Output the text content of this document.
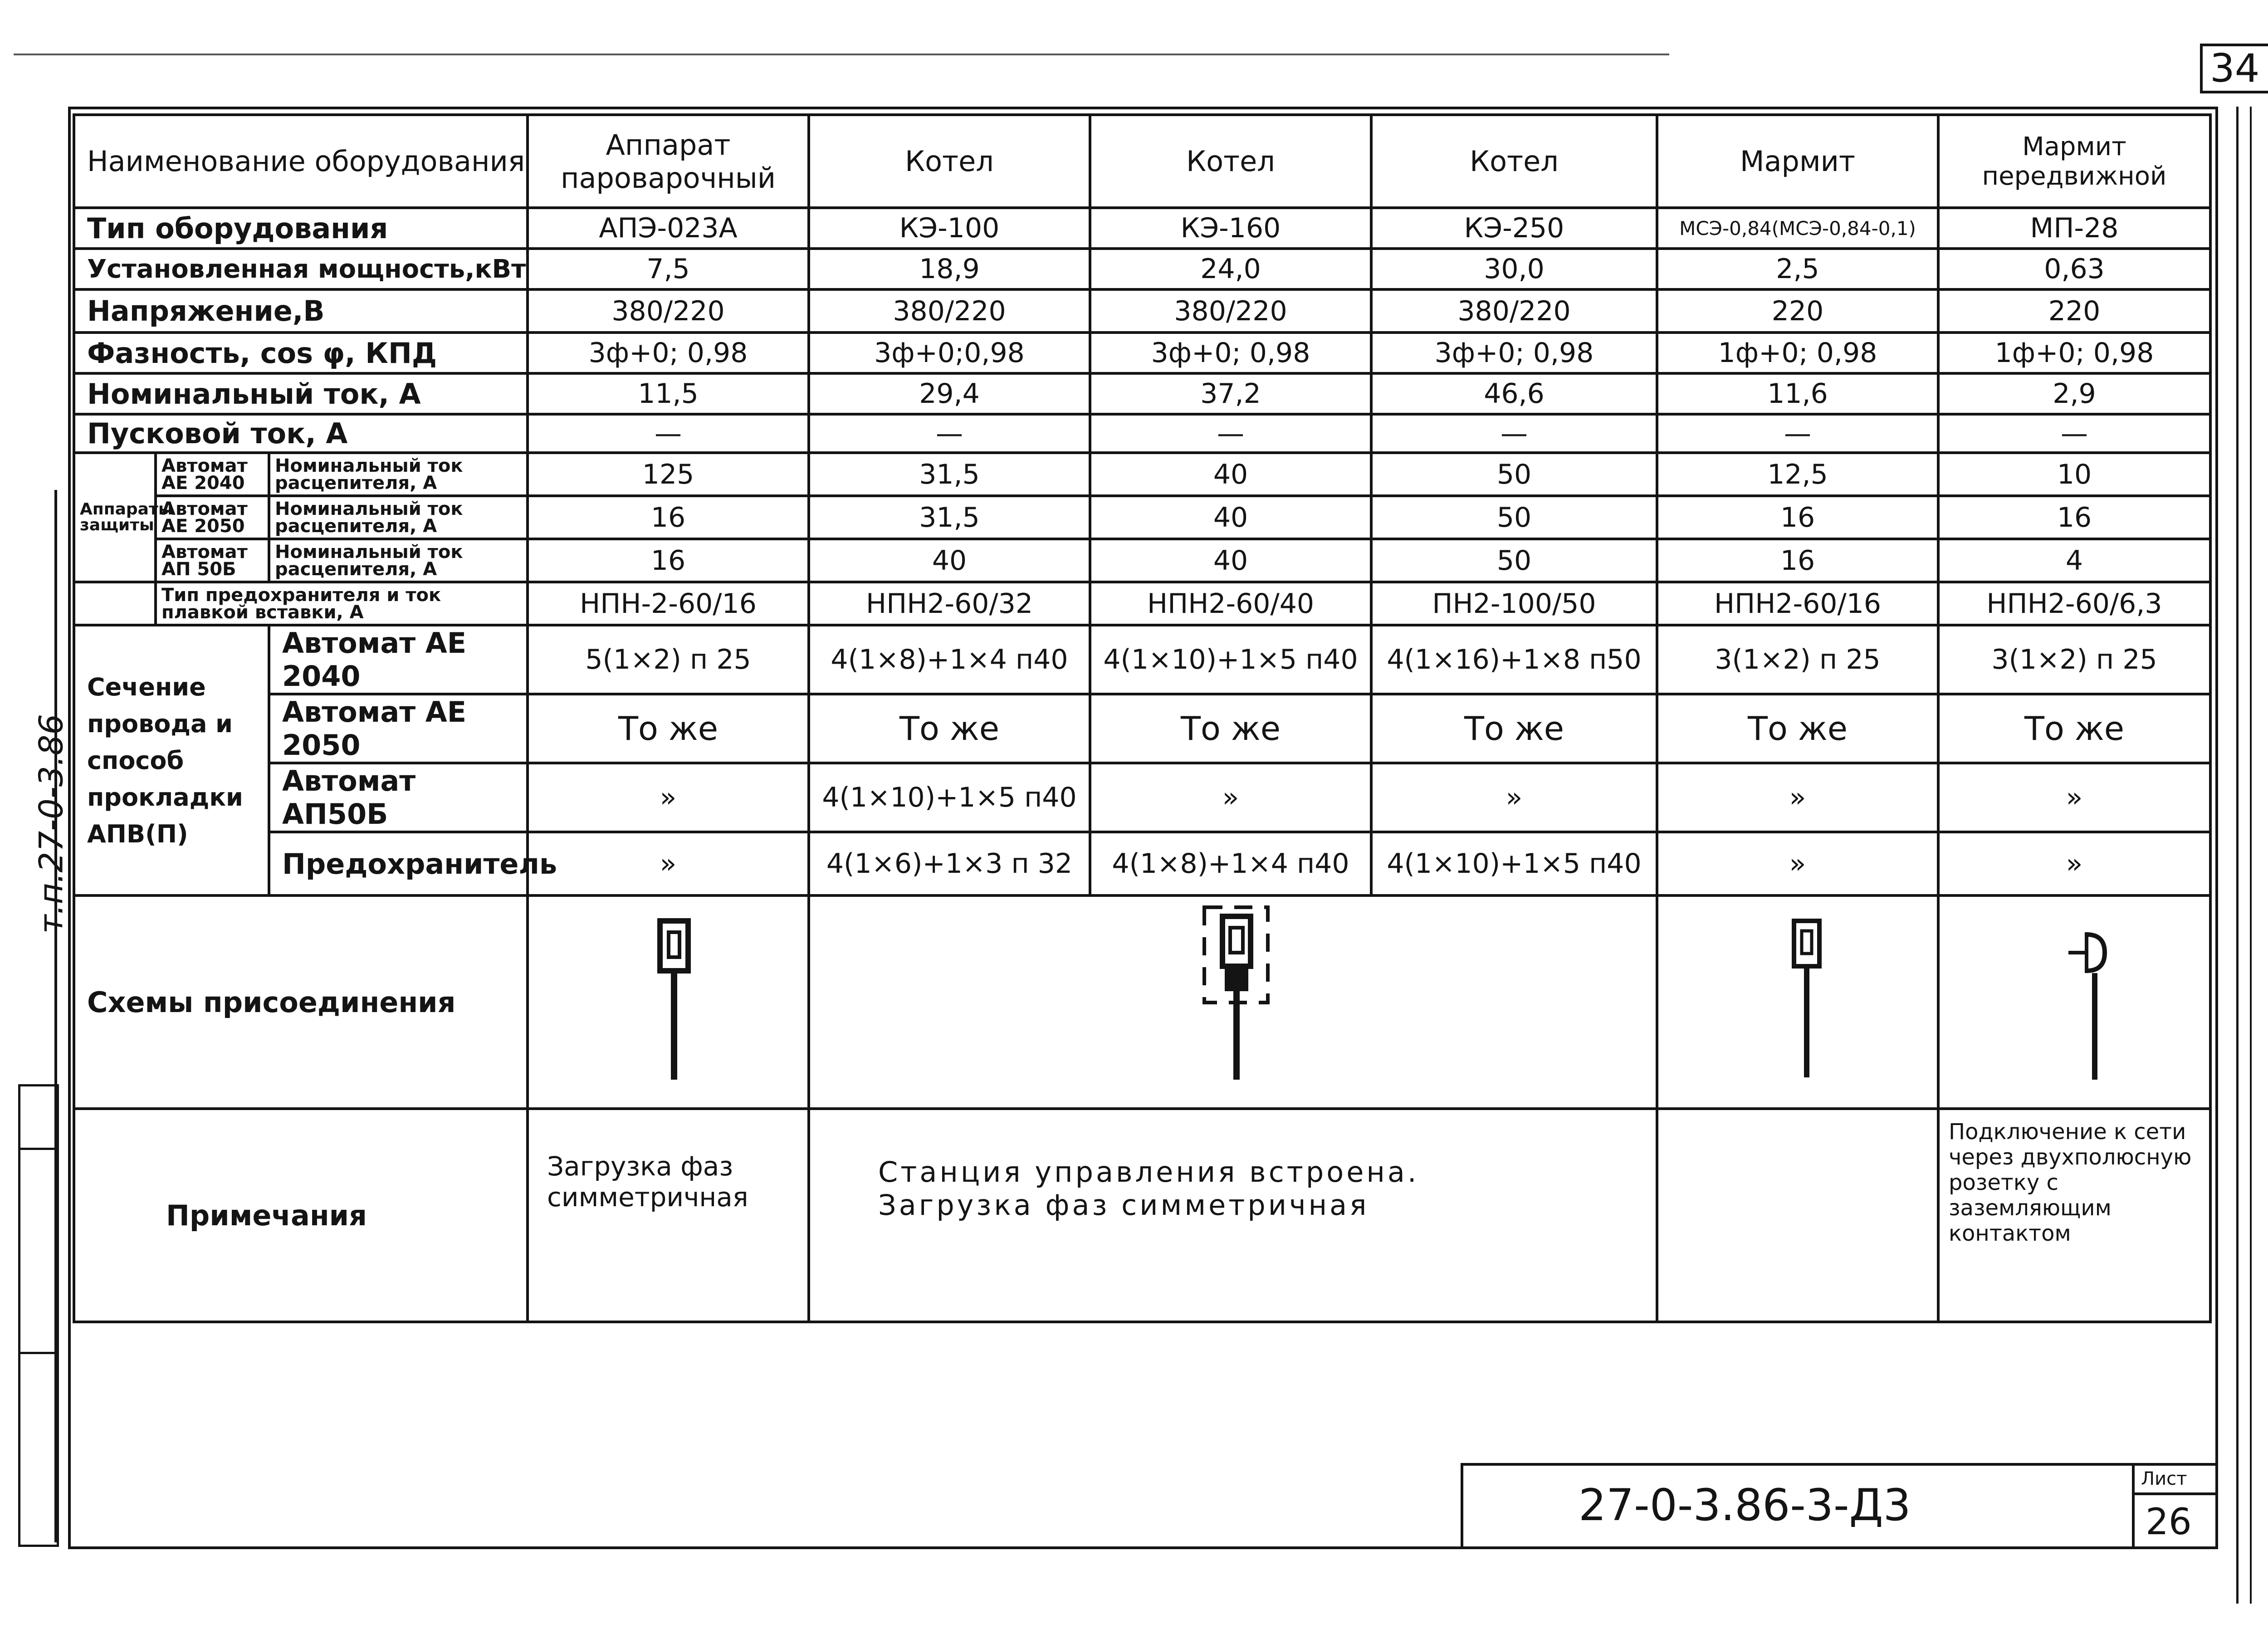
34
т.п.27-0-3.86
Наименование оборудования			Аппарат пароварочный	Котел	Котел	Котел	Мармит	Мармит передвижной
Тип оборудования			АПЭ-023А	КЭ-100	КЭ-160	КЭ-250	МСЭ-0,84(МСЭ-0,84-0,1)	МП-28
Установленная мощность,кВт			7,5	18,9	24,0	30,0	2,5	0,63
Напряжение,В			380/220	380/220	380/220	380/220	220	220
Фазность, cos φ, КПД			3ф+0; 0,98	3ф+0;0,98	3ф+0; 0,98	3ф+0; 0,98	1ф+0; 0,98	1ф+0; 0,98
Номинальный ток, А			11,5	29,4	37,2	46,6	11,6	2,9
Пусковой ток, А			—	—	—	—	—	—
Аппараты защиты	Автомат АЕ 2040	Номинальный ток расцепителя, А	125	31,5	40	50	12,5	10
	Автомат АЕ 2050	Номинальный ток расцепителя, А	16	31,5	40	50	16	16
	Автомат АП 50Б	Номинальный ток расцепителя, А	16	40	40	50	16	4
	Тип предохранителя и ток плавкой вставки, А		НПН-2-60/16	НПН2-60/32	НПН2-60/40	ПН2-100/50	НПН2-60/16	НПН2-60/6,3
Сечение провода и способ прокладки АПВ(П)		Автомат АЕ 2040	5(1×2) п 25	4(1×8)+1×4 п40	4(1×10)+1×5 п40	4(1×16)+1×8 п50	3(1×2) п 25	3(1×2) п 25
		Автомат АЕ 2050	То же	То же	То же	То же	То же	То же
		Автомат АП50Б	»	4(1×10)+1×5 п40	»	»	»	»
		Предохранитель	»	4(1×6)+1×3 п 32	4(1×8)+1×4 п40	4(1×10)+1×5 п40	»	»
Схемы присоединения								
Примечания			Загрузка фаз симметричная	Станция управления встроена. Загрузка фаз симметричная				Подключение к сети через двухполюсную розетку с заземляющим контактом
27-0-3.86-3-Д3
Лист
26
